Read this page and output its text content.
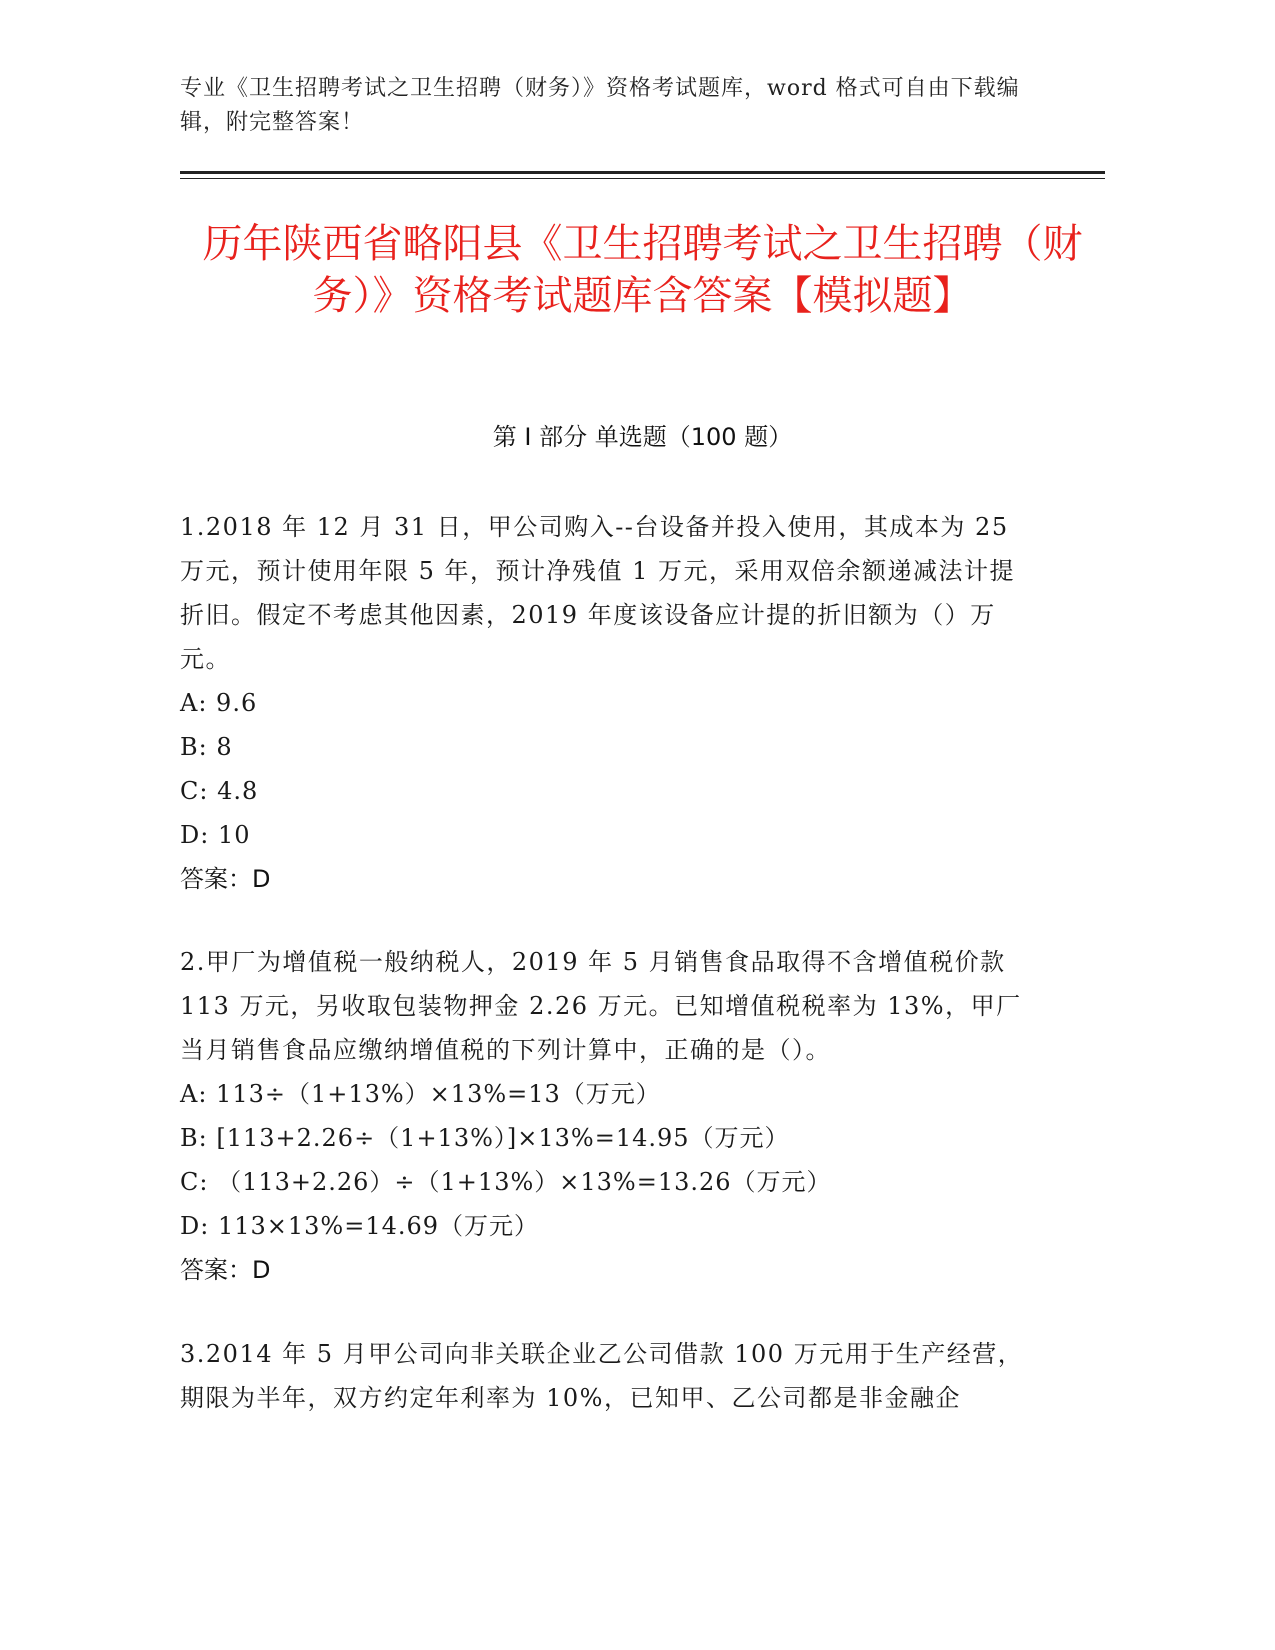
专业《卫生招聘考试之卫生招聘（财务）》资格考试题库，word 格式可自由下载编辑，附完整答案！
历年陕西省略阳县《卫生招聘考试之卫生招聘（财务）》资格考试题库含答案【模拟题】
第 I 部分 单选题（100 题）

1.2018 年 12 月 31 日，甲公司购入--台设备并投入使用，其成本为 25 万元，预计使用年限 5 年，预计净残值 1 万元，采用双倍余额递减法计提折旧。假定不考虑其他因素，2019 年度该设备应计提的折旧额为（）万元。

A: 9.6

B: 8

C: 4.8

D: 10

答案：D

2.甲厂为增值税一般纳税人，2019 年 5 月销售食品取得不含增值税价款 113 万元，另收取包装物押金 2.26 万元。已知增值税税率为 13%，甲厂当月销售食品应缴纳增值税的下列计算中，正确的是（）。

A: 113÷（1+13%）×13%=13（万元）

B: [113+2.26÷（1+13%）]×13%=14.95（万元）

C: （113+2.26）÷（1+13%）×13%=13.26（万元）

D: 113×13%=14.69（万元）

答案：D

3.2014 年 5 月甲公司向非关联企业乙公司借款 100 万元用于生产经营，期限为半年，双方约定年利率为 10%，已知甲、乙公司都是非金融企
